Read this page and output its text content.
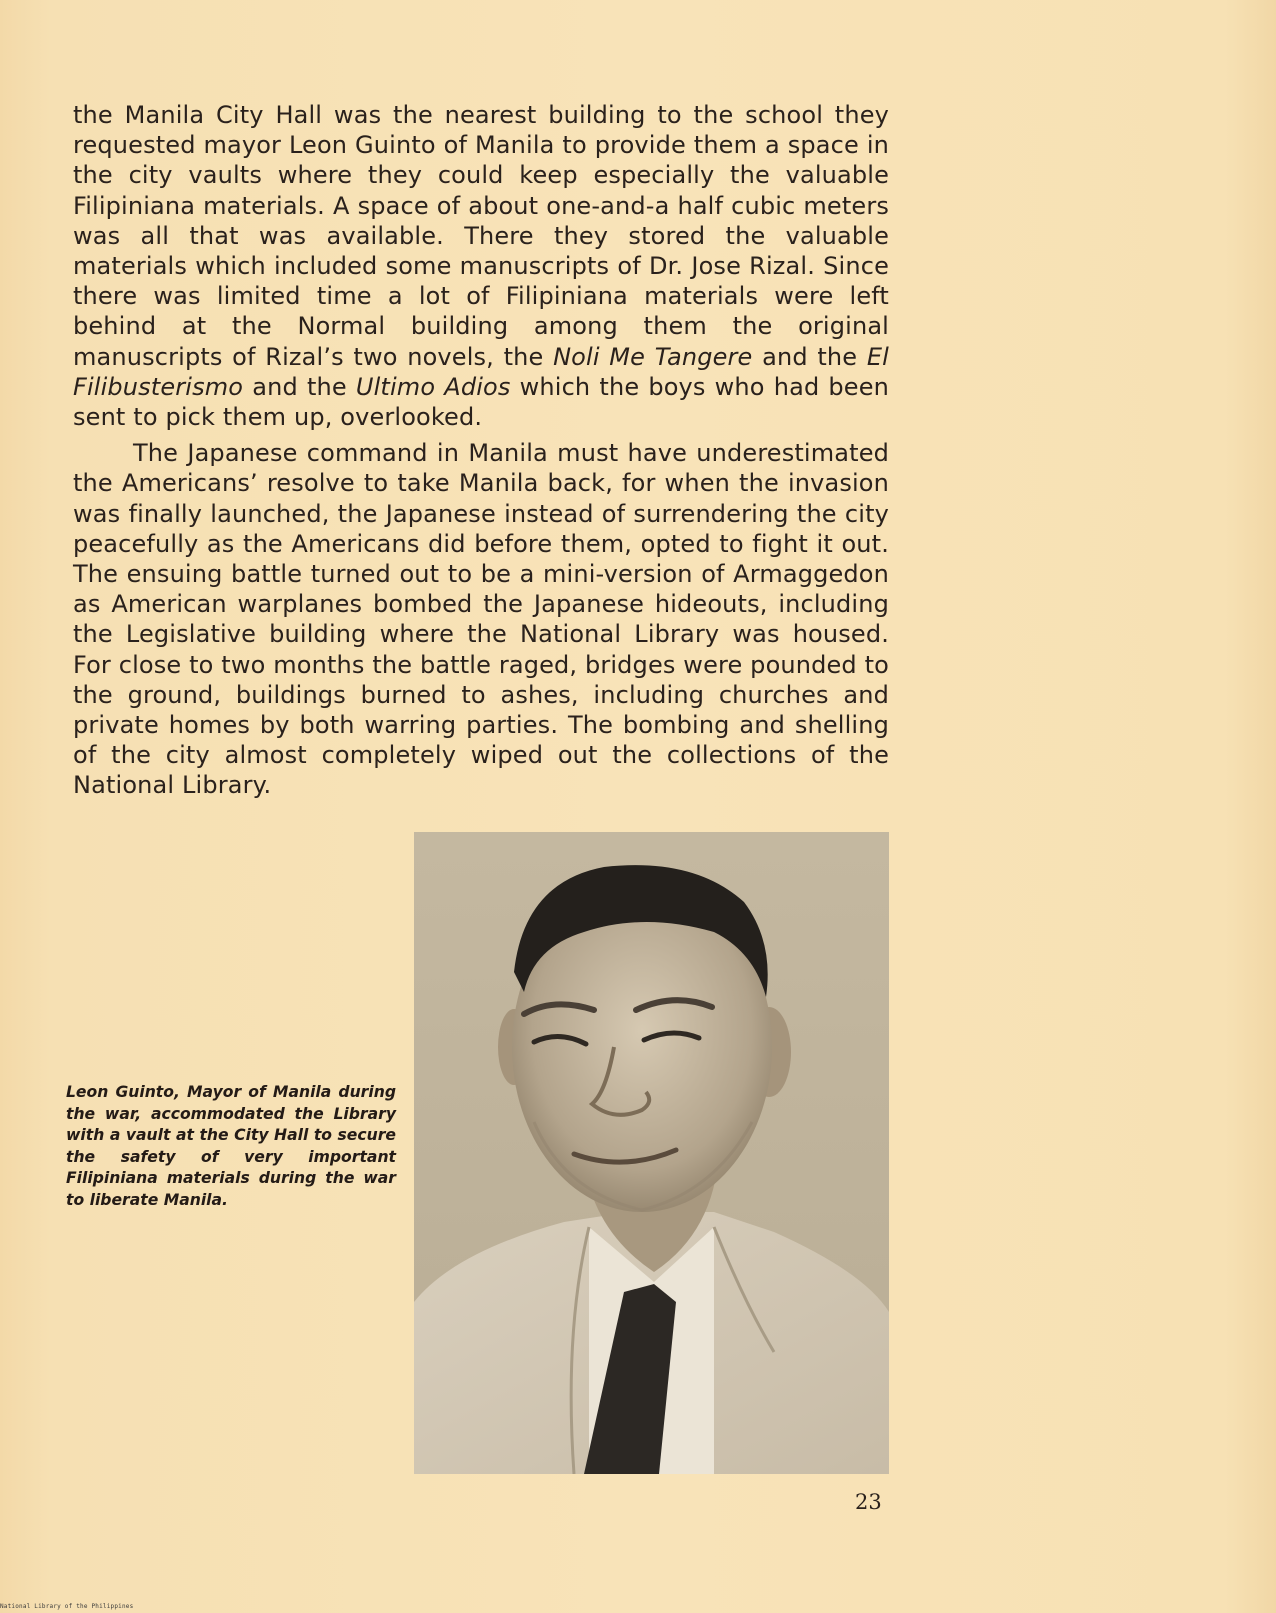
the Manila City Hall was the nearest building to the school they requested mayor Leon Guinto of Manila to provide them a space in the city vaults where they could keep especially the valuable Filipiniana materials. A space of about one-and-a half cubic meters was all that was available. There they stored the valuable materials which included some manuscripts of Dr. Jose Rizal. Since there was limited time a lot of Filipiniana materials were left behind at the Normal building among them the original manuscripts of Rizal’s two novels, the Noli Me Tangere and the El Filibusterismo and the Ultimo Adios which the boys who had been sent to pick them up, overlooked.

The Japanese command in Manila must have underestimated the Americans’ resolve to take Manila back, for when the invasion was finally launched, the Japanese instead of surrendering the city peacefully as the Americans did before them, opted to fight it out. The ensuing battle turned out to be a mini-version of Armaggedon as American warplanes bombed the Japanese hideouts, including the Legislative building where the National Library was housed. For close to two months the battle raged, bridges were pounded to the ground, buildings burned to ashes, including churches and private homes by both warring parties. The bombing and shelling of the city almost completely wiped out the collections of the National Library.

Leon Guinto, Mayor of Manila during the war, accommodated the Library with a vault at the City Hall to secure the safety of very important Filipiniana materials during the war to liberate Manila.

23
National Library of the Philippines
